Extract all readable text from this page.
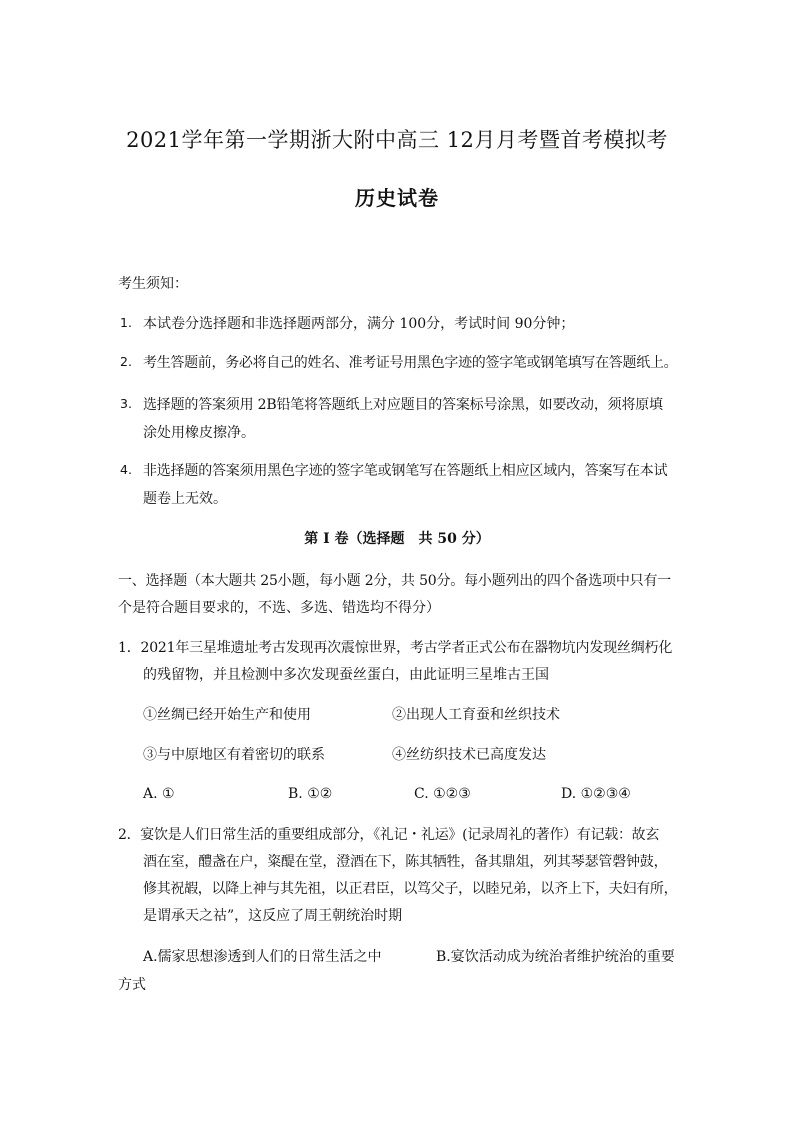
2021学年第一学期浙大附中高三 12月月考暨首考模拟考
历史试卷
考生须知：
1. 本试卷分选择题和非选择题两部分，满分 100分，考试时间 90分钟；
2. 考生答题前，务必将自己的姓名、准考证号用黑色字迹的签字笔或钢笔填写在答题纸上。
3. 选择题的答案须用 2B铅笔将答题纸上对应题目的答案标号涂黑，如要改动，须将原填
涂处用橡皮擦净。
4. 非选择题的答案须用黑色字迹的签字笔或钢笔写在答题纸上相应区域内，答案写在本试
题卷上无效。
第 I 卷（选择题　共 50 分）
一、选择题（本大题共 25小题，每小题 2分，共 50分。每小题列出的四个备选项中只有一
个是符合题目要求的，不选、多选、错选均不得分）
1．2021年三星堆遗址考古发现再次震惊世界，考古学者正式公布在器物坑内发现丝绸朽化
的残留物，并且检测中多次发现蚕丝蛋白，由此证明三星堆古王国
①丝绸已经开始生产和使用	②出现人工育蚕和丝织技术
③与中原地区有着密切的联系	④丝纺织技术已高度发达
A. ①	B. ①②	C. ①②③	D. ①②③④
2．宴饮是人们日常生活的重要组成部分，《礼记・礼运》(记录周礼的著作）有记载：故玄
酒在室，醴盏在户，粢醍在堂，澄酒在下，陈其牺牲，备其鼎俎，列其琴瑟管磬钟鼓，
修其祝嘏，以降上神与其先祖，以正君臣，以笃父子，以睦兄弟，以齐上下，夫妇有所，
是谓承天之祜”，这反应了周王朝统治时期
A.儒家思想渗透到人们的日常生活之中	B.宴饮活动成为统治者维护统治的重要
方式
